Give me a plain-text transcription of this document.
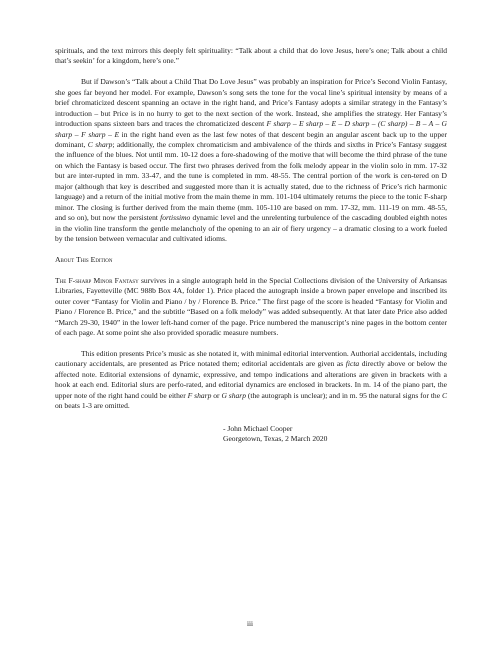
spirituals, and the text mirrors this deeply felt spirituality: “Talk about a child that do love Jesus, here’s one; Talk about a child that’s seekin’ for a kingdom, here’s one.”

But if Dawson’s “Talk about a Child That Do Love Jesus” was probably an inspiration for Price’s Second Violin Fantasy, she goes far beyond her model. For example, Dawson’s song sets the tone for the vocal line’s spiritual intensity by means of a brief chromaticized descent spanning an octave in the right hand, and Price’s Fantasy adopts a similar strategy in the Fantasy’s introduction – but Price is in no hurry to get to the next section of the work. Instead, she amplifies the strategy. Her Fantasy’s introduction spans sixteen bars and traces the chromaticized descent F sharp – E sharp – E – D sharp – (C sharp) – B – A – G sharp – F sharp – E in the right hand even as the last few notes of that descent begin an angular ascent back up to the upper dominant, C sharp; additionally, the complex chromaticism and ambivalence of the thirds and sixths in Price’s Fantasy suggest the influence of the blues. Not until mm. 10-12 does a fore-shadowing of the motive that will become the third phrase of the tune on which the Fantasy is based occur. The first two phrases derived from the folk melody appear in the violin solo in mm. 17-32 but are inter-rupted in mm. 33-47, and the tune is completed in mm. 48-55. The central portion of the work is cen-tered on D major (although that key is described and suggested more than it is actually stated, due to the richness of Price’s rich harmonic language) and a return of the initial motive from the main theme in mm. 101-104 ultimately returns the piece to the tonic F-sharp minor. The closing is further derived from the main theme (mm. 105-110 are based on mm. 17-32, mm. 111-19 on mm. 48-55, and so on), but now the persistent fortissimo dynamic level and the unrelenting turbulence of the cascading doubled eighth notes in the violin line transform the gentle melancholy of the opening to an air of fiery urgency – a dramatic closing to a work fueled by the tension between vernacular and cultivated idioms.

About This Edition

The F-sharp Minor Fantasy survives in a single autograph held in the Special Collections division of the University of Arkansas Libraries, Fayetteville (MC 988b Box 4A, folder 1). Price placed the autograph inside a brown paper envelope and inscribed its outer cover “Fantasy for Violin and Piano / by / Florence B. Price.” The first page of the score is headed “Fantasy for Violin and Piano / Florence B. Price,” and the subtitle “Based on a folk melody” was added subsequently. At that later date Price also added “March 29-30, 1940” in the lower left-hand corner of the page. Price numbered the manuscript’s nine pages in the bottom center of each page. At some point she also provided sporadic measure numbers.

This edition presents Price’s music as she notated it, with minimal editorial intervention. Authorial accidentals, including cautionary accidentals, are presented as Price notated them; editorial accidentals are given as ficta directly above or below the affected note. Editorial extensions of dynamic, expressive, and tempo indications and alterations are given in brackets with a hook at each end. Editorial slurs are perfo-rated, and editorial dynamics are enclosed in brackets. In m. 14 of the piano part, the upper note of the right hand could be either F sharp or G sharp (the autograph is unclear); and in m. 95 the natural signs for the C on beats 1-3 are omitted.

- John Michael Cooper
Georgetown, Texas, 2 March 2020
iii
